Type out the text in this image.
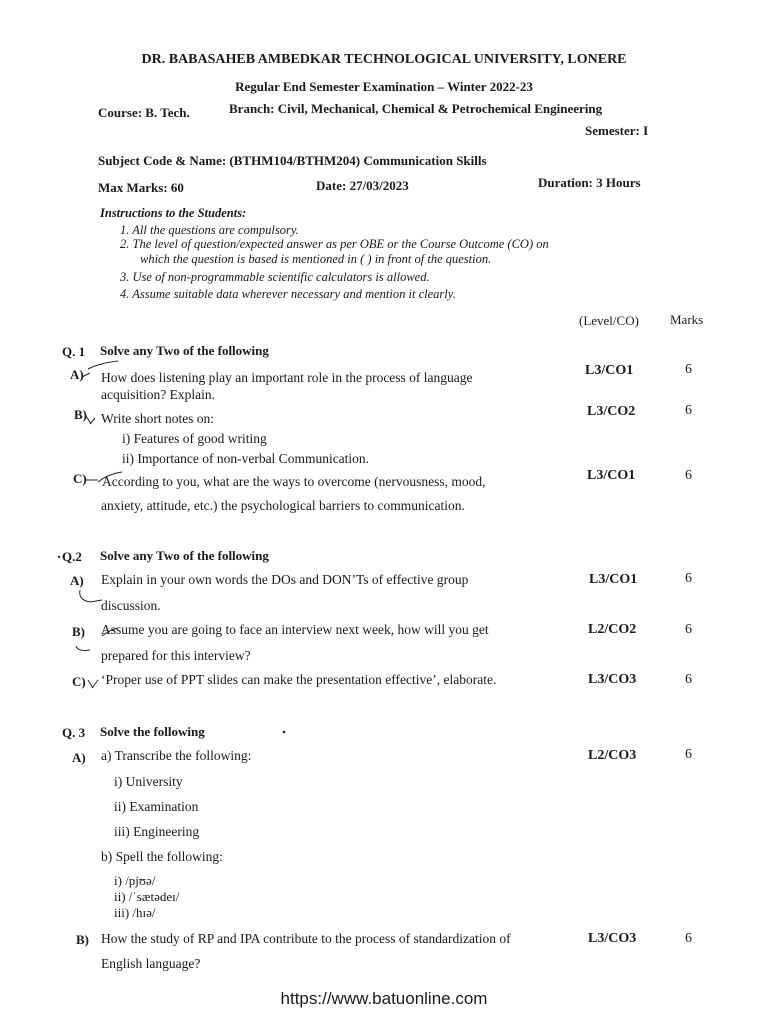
DR. BABASAHEB AMBEDKAR TECHNOLOGICAL UNIVERSITY, LONERE
Regular End Semester Examination – Winter 2022-23
Course: B. Tech.	Branch: Civil, Mechanical, Chemical & Petrochemical Engineering
Semester: I
Subject Code & Name: (BTHM104/BTHM204) Communication Skills
Max Marks: 60	Date: 27/03/2023	Duration: 3 Hours
Instructions to the Students:
1. All the questions are compulsory.
2. The level of question/expected answer as per OBE or the Course Outcome (CO) on
which the question is based is mentioned in ( ) in front of the question.
3. Use of non-programmable scientific calculators is allowed.
4. Assume suitable data wherever necessary and mention it clearly.
(Level/CO) Marks
Q. 1 Solve any Two of the following
A) How does listening play an important role in the process of language
acquisition? Explain.
L3/CO1	6
B) Write short notes on:
i) Features of good writing
ii) Importance of non-verbal Communication.
L3/CO2	6
C) According to you, what are the ways to overcome (nervousness, mood,
anxiety, attitude, etc.) the psychological barriers to communication.
L3/CO1	6
Q.2 Solve any Two of the following
A) Explain in your own words the DOs and DON’Ts of effective group
discussion.
L3/CO1	6
B) Assume you are going to face an interview next week, how will you get
prepared for this interview?
L2/CO2	6
C) ‘Proper use of PPT slides can make the presentation effective’, elaborate.	L3/CO3	6
Q. 3 Solve the following
A) a) Transcribe the following:
i) University
ii) Examination
iii) Engineering
b) Spell the following:
i) /pjʊə/
ii) /ˈsætədeɪ/
iii) /hɪə/
L2/CO3	6
B) How the study of RP and IPA contribute to the process of standardization of
English language?
L3/CO3	6
https://www.batuonline.com
